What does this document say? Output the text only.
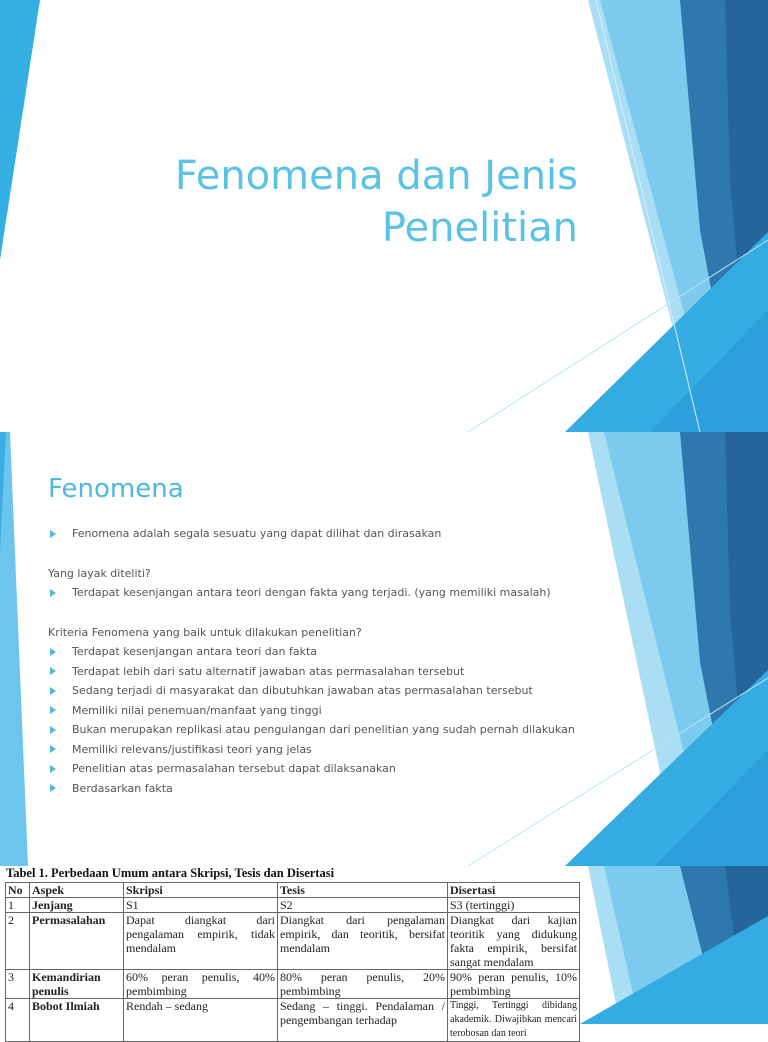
Fenomena dan Jenis
Penelitian
Fenomena
Fenomena adalah segala sesuatu yang dapat dilihat dan dirasakan
Yang layak diteliti?
Terdapat kesenjangan antara teori dengan fakta yang terjadi. (yang memiliki masalah)
Kriteria Fenomena yang baik untuk dilakukan penelitian?
Terdapat kesenjangan antara teori dan fakta
Terdapat lebih dari satu alternatif jawaban atas permasalahan tersebut
Sedang terjadi di masyarakat dan dibutuhkan jawaban atas permasalahan tersebut
Memiliki nilai penemuan/manfaat yang tinggi
Bukan merupakan replikasi atau pengulangan dari penelitian yang sudah pernah dilakukan
Memiliki relevans/justifikasi teori yang jelas
Penelitian atas permasalahan tersebut dapat dilaksanakan
Berdasarkan fakta
Tabel 1. Perbedaan Umum antara Skripsi, Tesis dan Disertasi
No	Aspek	Skripsi	Tesis	Disertasi
1	Jenjang	S1	S2	S3 (tertinggi)
2	Permasalahan	Dapat diangkat dari pengalaman empirik, tidak mendalam	Diangkat dari pengalaman empirik, dan teoritik, bersifat mendalam	Diangkat dari kajian teoritik yang didukung fakta empirik, bersifat sangat mendalam
3	Kemandirian penulis	60% peran penulis, 40% pembimbing	80% peran penulis, 20% pembimbing	90% peran penulis, 10% pembimbing
4	Bobot Ilmiah	Rendah – sedang	Sedang – tinggi. Pendalaman / pengembangan terhadap	Tinggi, Tertinggi dibidang akademik. Diwajibkan mencari terobosan dan teori
